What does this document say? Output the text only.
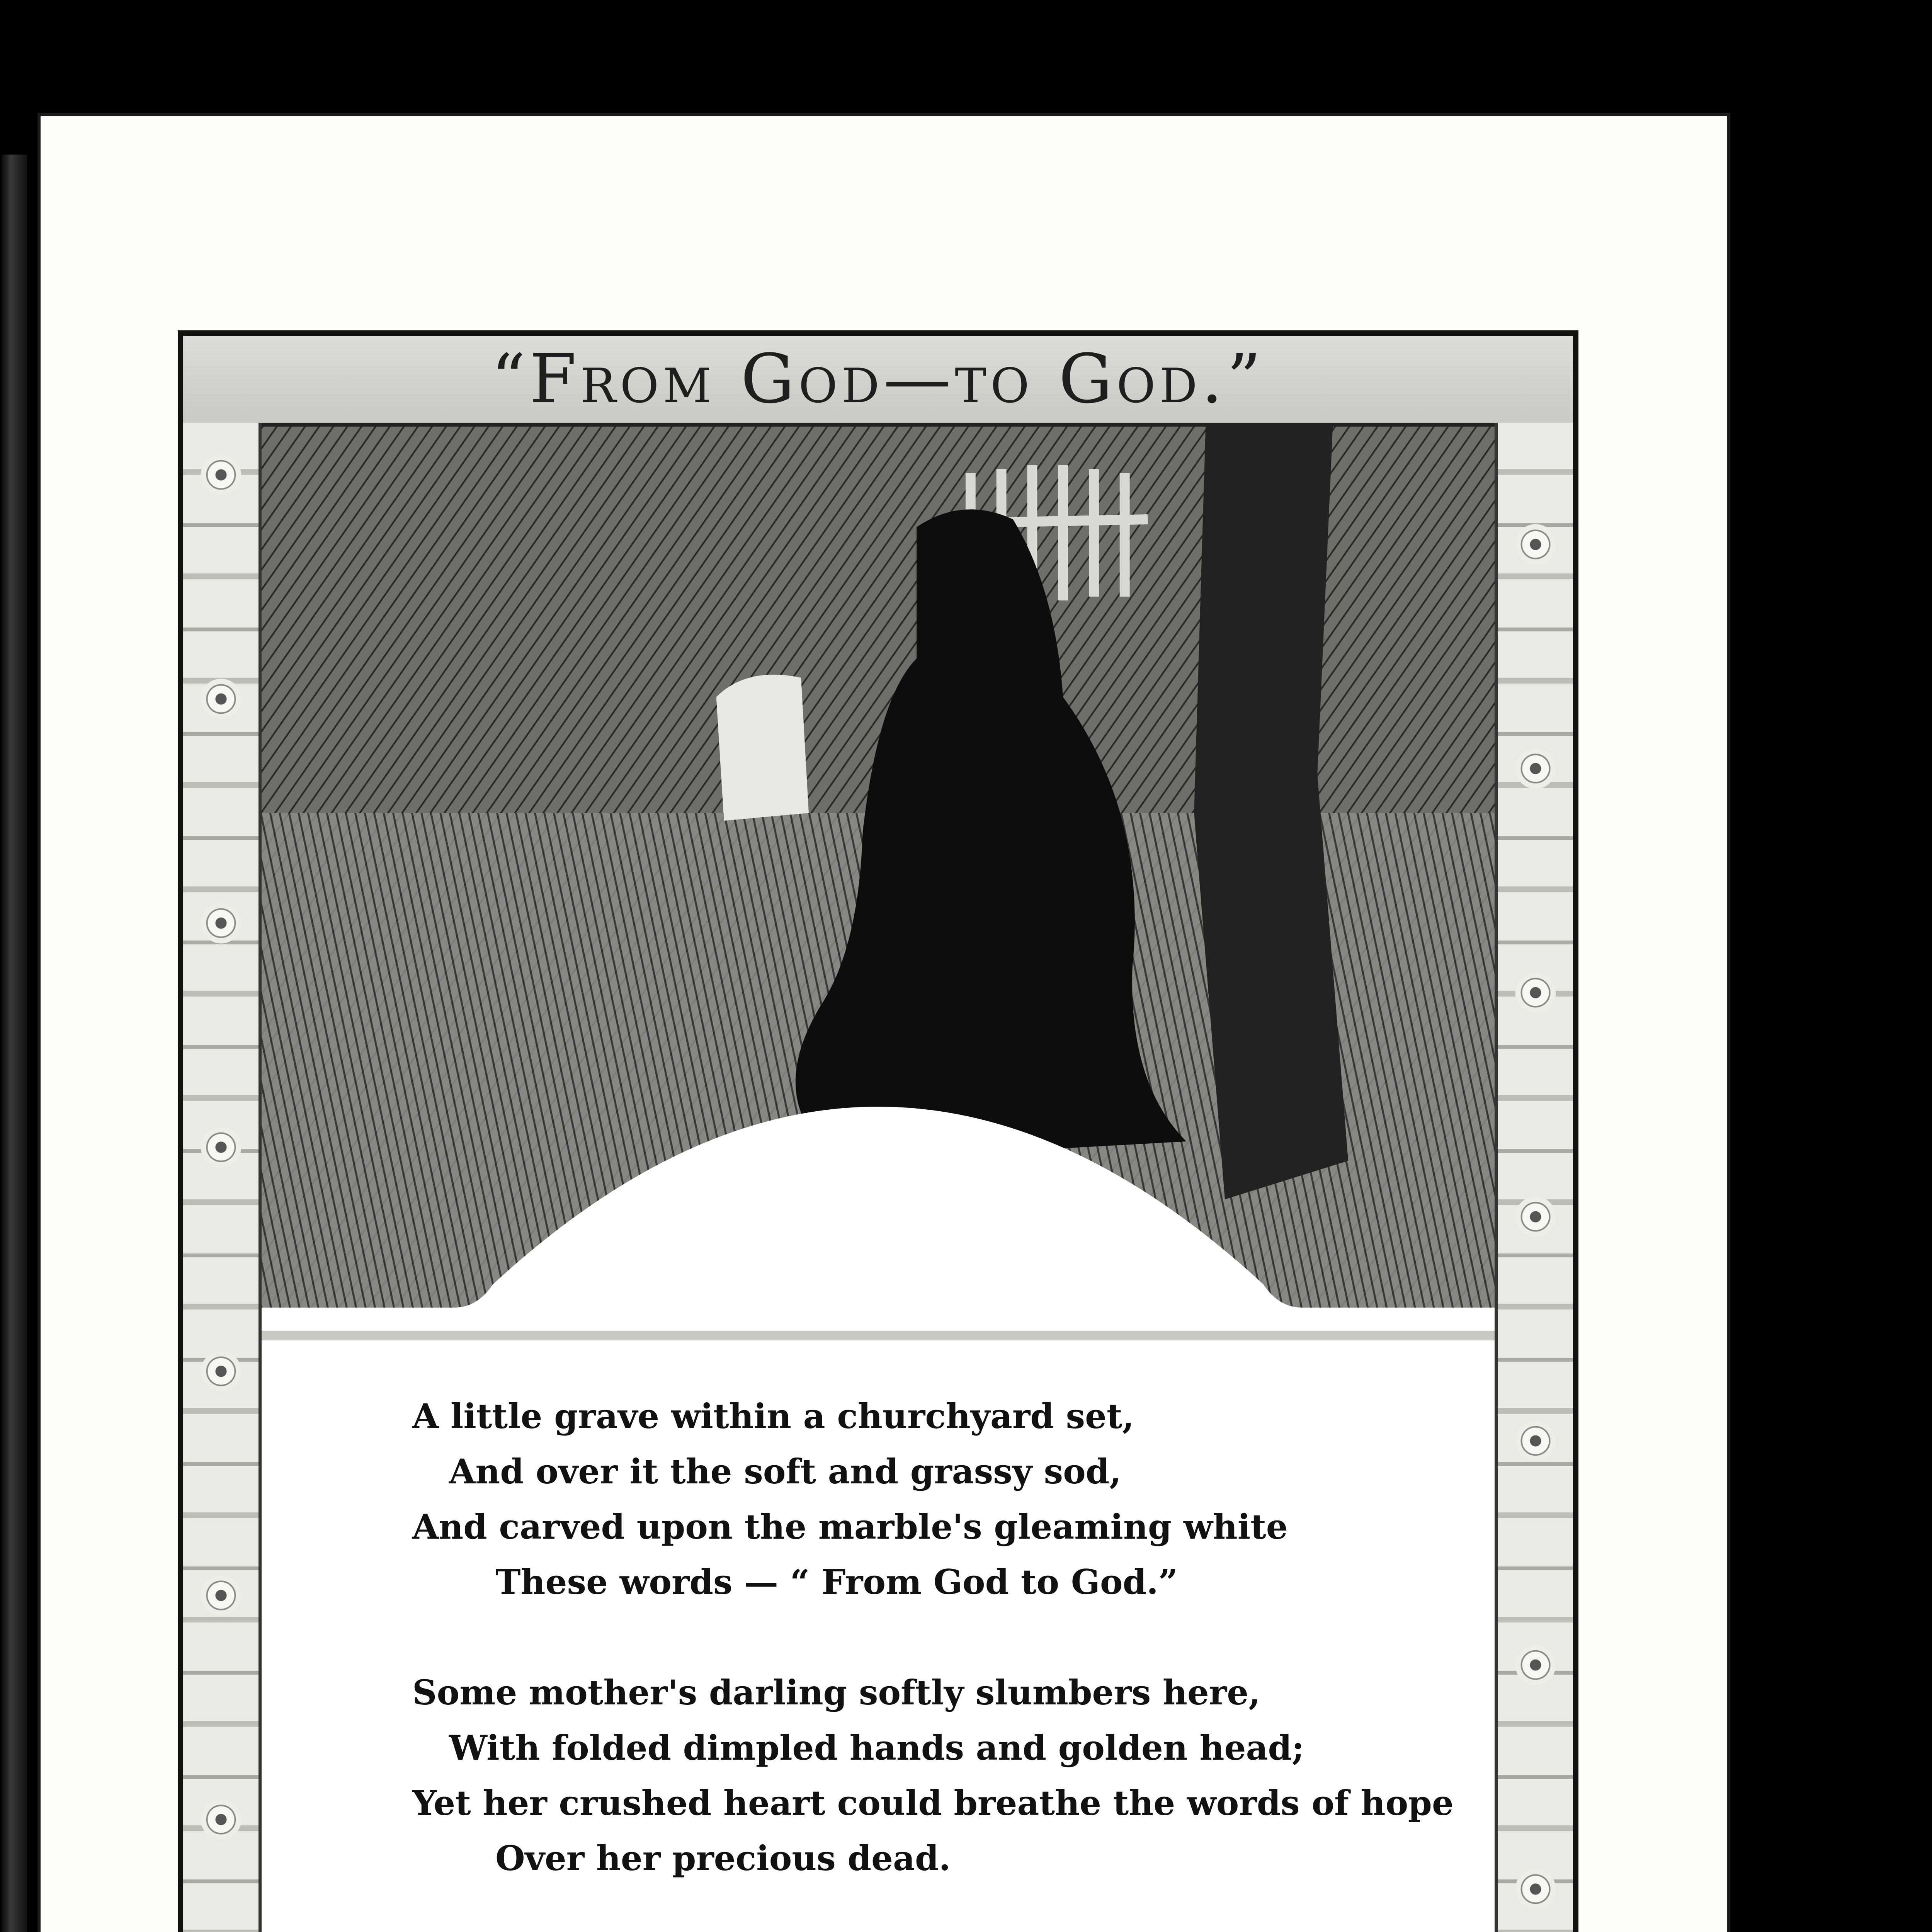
“From God—to God.”
A little grave within a churchyard set,
And over it the soft and grassy sod,
And carved upon the marble's gleaming white
These words — “ From God to God.”
Some mother's darling softly slumbers here,
With folded dimpled hands and golden head;
Yet her crushed heart could breathe the words of hope
Over her precious dead.
